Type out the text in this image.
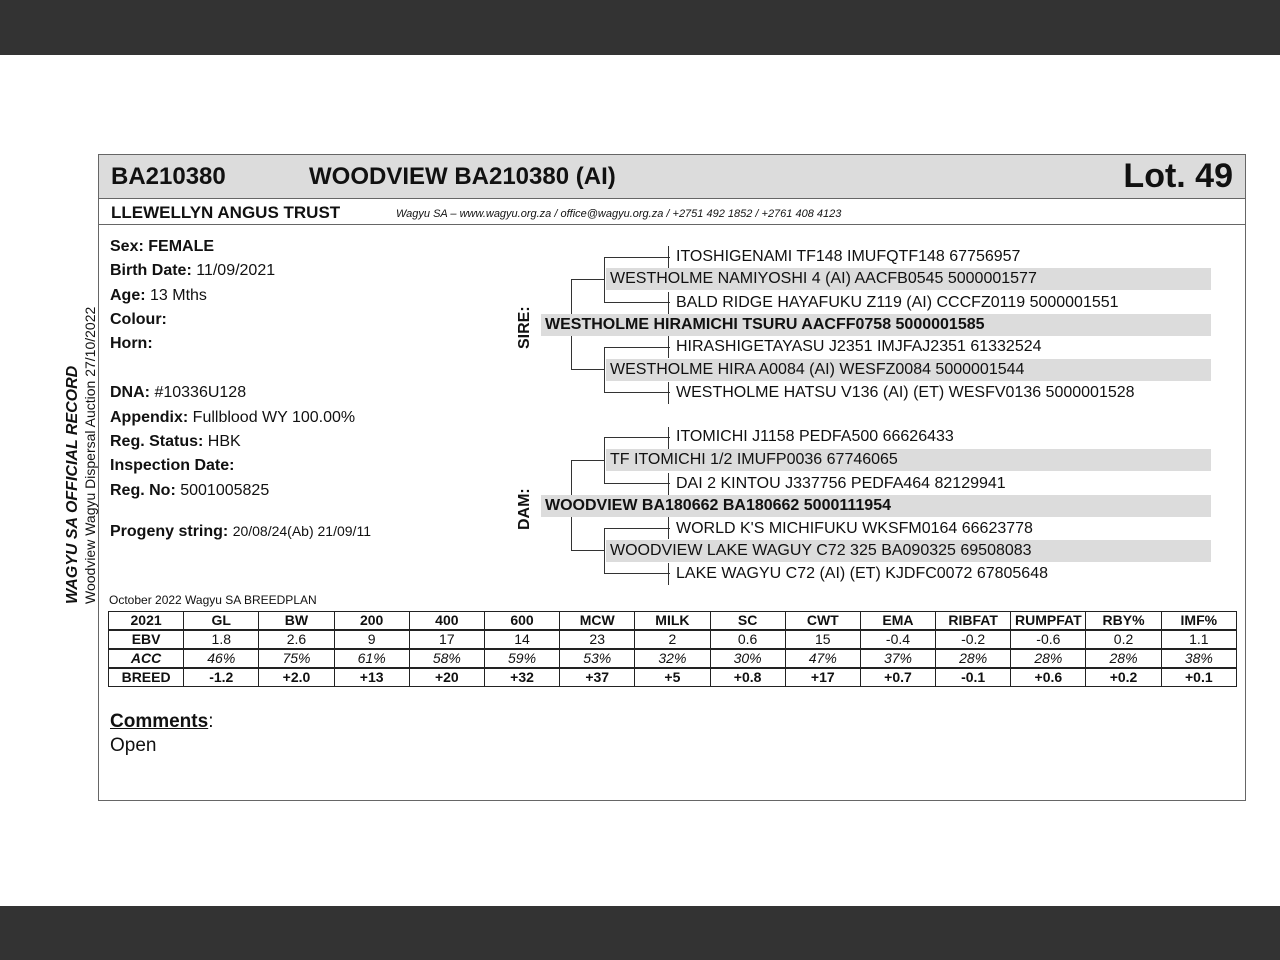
WAGYU SA OFFICIAL RECORD Woodview Wagyu Dispersal Auction 27/10/2022
BA210380	WOODVIEW BA210380 (AI)	Lot. 49
LLEWELLYN ANGUS TRUST	Wagyu SA – www.wagyu.org.za / office@wagyu.org.za / +2751 492 1852 / +2761 408 4123
Sex: FEMALE
Birth Date: 11/09/2021
Age: 13 Mths
Colour:
Horn:
DNA: #10336U128
Appendix: Fullblood WY 100.00%
Reg. Status: HBK
Inspection Date:
Reg. No: 5001005825
Progeny string: 20/08/24(Ab) 21/09/11
SIRE:
DAM:
ITOSHIGENAMI TF148 IMUFQTF148 67756957
WESTHOLME NAMIYOSHI 4 (AI) AACFB0545 5000001577
BALD RIDGE HAYAFUKU Z119 (AI) CCCFZ0119 5000001551
WESTHOLME HIRAMICHI TSURU AACFF0758 5000001585
HIRASHIGETAYASU J2351 IMJFAJ2351 61332524
WESTHOLME HIRA A0084 (AI) WESFZ0084 5000001544
WESTHOLME HATSU V136 (AI) (ET) WESFV0136 5000001528
ITOMICHI J1158 PEDFA500 66626433
TF ITOMICHI 1/2 IMUFP0036 67746065
DAI 2 KINTOU J337756 PEDFA464 82129941
WOODVIEW BA180662 BA180662 5000111954
WORLD K'S MICHIFUKU WKSFM0164 66623778
WOODVIEW LAKE WAGUY C72 325 BA090325 69508083
LAKE WAGYU C72 (AI) (ET) KJDFC0072 67805648
October 2022 Wagyu SA BREEDPLAN
2021	GL	BW	200	400	600	MCW	MILK	SC	CWT	EMA	RIBFAT	RUMPFAT	RBY%	IMF%
EBV	1.8	2.6	9	17	14	23	2	0.6	15	-0.4	-0.2	-0.6	0.2	1.1
ACC	46%	75%	61%	58%	59%	53%	32%	30%	47%	37%	28%	28%	28%	38%
BREED	-1.2	+2.0	+13	+20	+32	+37	+5	+0.8	+17	+0.7	-0.1	+0.6	+0.2	+0.1
Comments:
Open
